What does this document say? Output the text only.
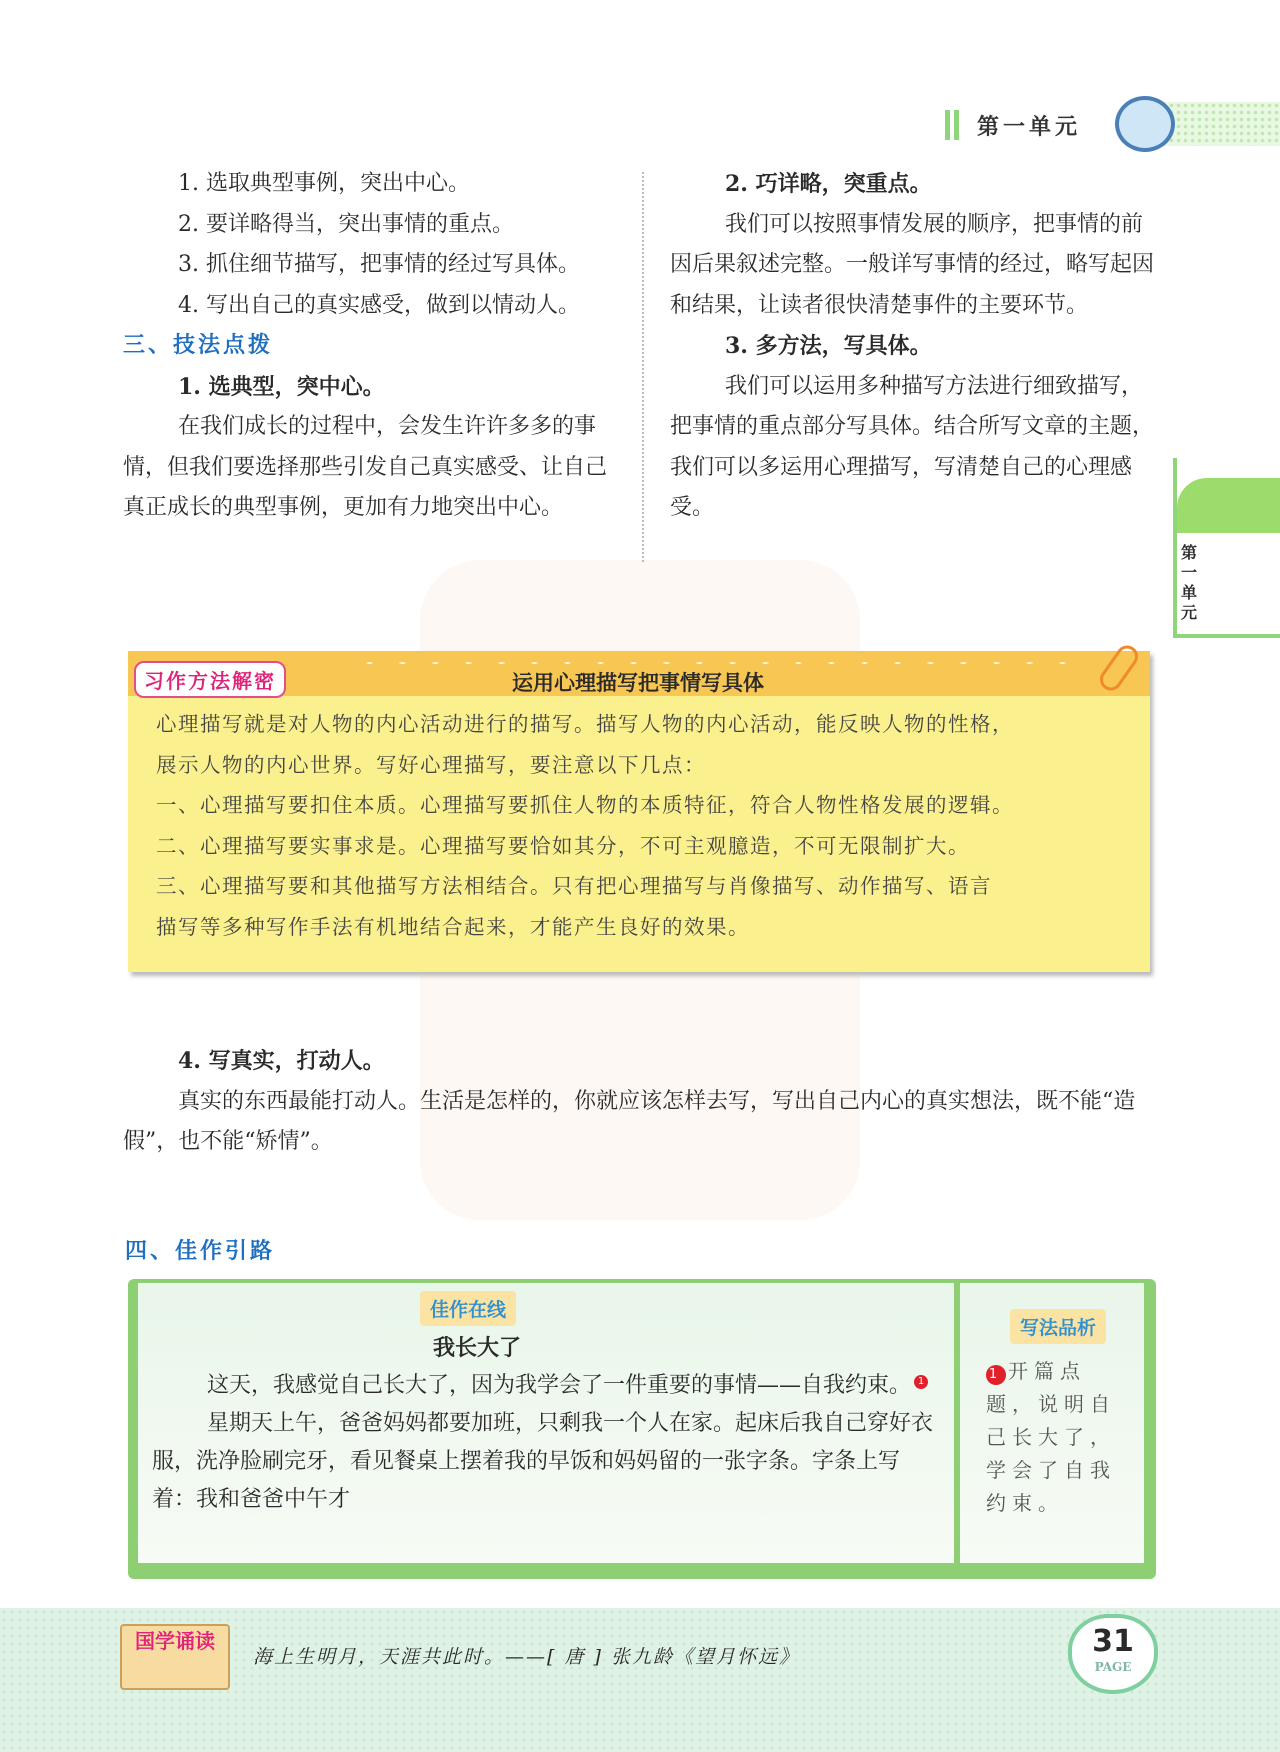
第一单元

1. 选取典型事例，突出中心。

2. 要详略得当，突出事情的重点。

3. 抓住细节描写，把事情的经过写具体。

4. 写出自己的真实感受，做到以情动人。

三、技法点拨

1. 选典型，突中心。

在我们成长的过程中，会发生许许多多的事情，但我们要选择那些引发自己真实感受、让自己真正成长的典型事例，更加有力地突出中心。

2. 巧详略，突重点。

我们可以按照事情发展的顺序，把事情的前因后果叙述完整。一般详写事情的经过，略写起因和结果，让读者很快清楚事件的主要环节。

3. 多方法，写具体。

我们可以运用多种描写方法进行细致描写，把事情的重点部分写具体。结合所写文章的主题，我们可以多运用心理描写，写清楚自己的心理感受。

第一单元
习作方法解密	运用心理描写把事情写具体
心理描写就是对人物的内心活动进行的描写。描写人物的内心活动，能反映人物的性格，
展示人物的内心世界。写好心理描写，要注意以下几点：
一、心理描写要扣住本质。心理描写要抓住人物的本质特征，符合人物性格发展的逻辑。
二、心理描写要实事求是。心理描写要恰如其分，不可主观臆造，不可无限制扩大。
三、心理描写要和其他描写方法相结合。只有把心理描写与肖像描写、动作描写、语言
描写等多种写作手法有机地结合起来，才能产生良好的效果。

4. 写真实，打动人。

真实的东西最能打动人。生活是怎样的，你就应该怎样去写，写出自己内心的真实想法，既不能“造假”，也不能“矫情”。

四、佳作引路
佳作在线
我长大了

这天，我感觉自己长大了，因为我学会了一件重要的事情——自我约束。 1

星期天上午，爸爸妈妈都要加班，只剩我一个人在家。起床后我自己穿好衣服，洗净脸刷完牙，看见餐桌上摆着我的早饭和妈妈留的一张字条。字条上写着：我和爸爸中午才

写法品析
1 开篇点题，说明自己长大了，学会了自我约束。
国学诵读
海上生明月，天涯共此时。——[ 唐 ] 张九龄《望月怀远》	31
PAGE
